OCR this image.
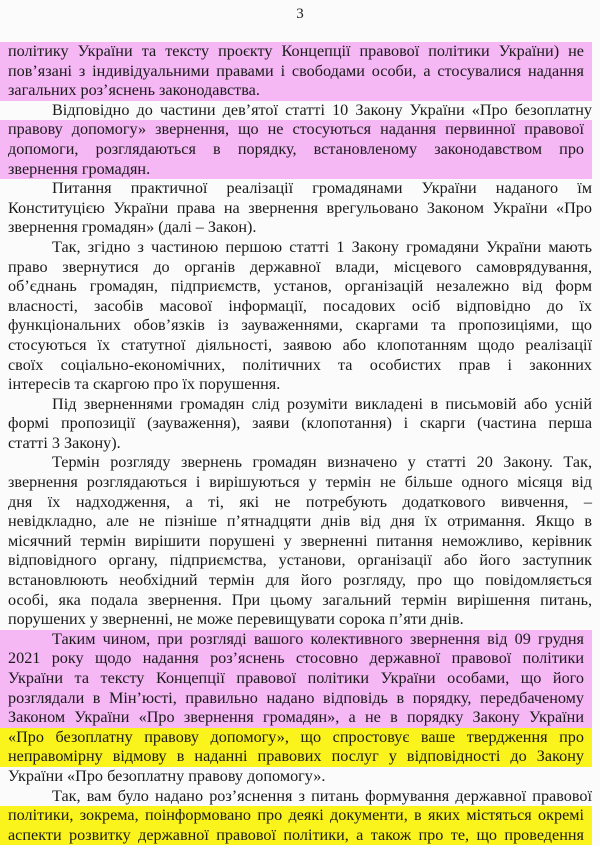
3
політику України та тексту проєкту Концепції правової політики України) не
пов’язані з індивідуальними правами і свободами особи, а стосувалися надання
загальних роз’яснень законодавства.
Відповідно до частини дев’ятої статті 10 Закону України «Про безоплатну
правову допомогу» звернення, що не стосуються надання первинної правової
допомоги, розглядаються в порядку, встановленому законодавством про
звернення громадян.
Питання практичної реалізації громадянами України наданого їм
Конституцією України права на звернення врегульовано Законом України «Про
звернення громадян» (далі – Закон).
Так, згідно з частиною першою статті 1 Закону громадяни України мають
право звернутися до органів державної влади, місцевого самоврядування,
об’єднань громадян, підприємств, установ, організацій незалежно від форм
власності, засобів масової інформації, посадових осіб відповідно до їх
функціональних обов’язків із зауваженнями, скаргами та пропозиціями, що
стосуються їх статутної діяльності, заявою або клопотанням щодо реалізації
своїх соціально-економічних, політичних та особистих прав і законних
інтересів та скаргою про їх порушення.
Під зверненнями громадян слід розуміти викладені в письмовій або усній
формі пропозиції (зауваження), заяви (клопотання) і скарги (частина перша
статті 3 Закону).
Термін розгляду звернень громадян визначено у статті 20 Закону. Так,
звернення розглядаються і вирішуються у термін не більше одного місяця від
дня їх надходження, а ті, які не потребують додаткового вивчення, –
невідкладно, але не пізніше п’ятнадцяти днів від дня їх отримання. Якщо в
місячний термін вирішити порушені у зверненні питання неможливо, керівник
відповідного органу, підприємства, установи, організації або його заступник
встановлюють необхідний термін для його розгляду, про що повідомляється
особі, яка подала звернення. При цьому загальний термін вирішення питань,
порушених у зверненні, не може перевищувати сорока п’яти днів.
Таким чином, при розгляді вашого колективного звернення від 09 грудня
2021 року щодо надання роз’яснень стосовно державної правової політики
України та тексту Концепції правової політики України особами, що його
розглядали в Мін’юсті, правильно надано відповідь в порядку, передбаченому
Законом України «Про звернення громадян», а не в порядку Закону України
«Про безоплатну правову допомогу», що спростовує ваше твердження про
неправомірну відмову в наданні правових послуг у відповідності до Закону
України «Про безоплатну правову допомогу».
Так, вам було надано роз’яснення з питань формування державної правової
політики, зокрема, поінформовано про деякі документи, в яких містяться окремі
аспекти розвитку державної правової політики, а також про те, що проведення
